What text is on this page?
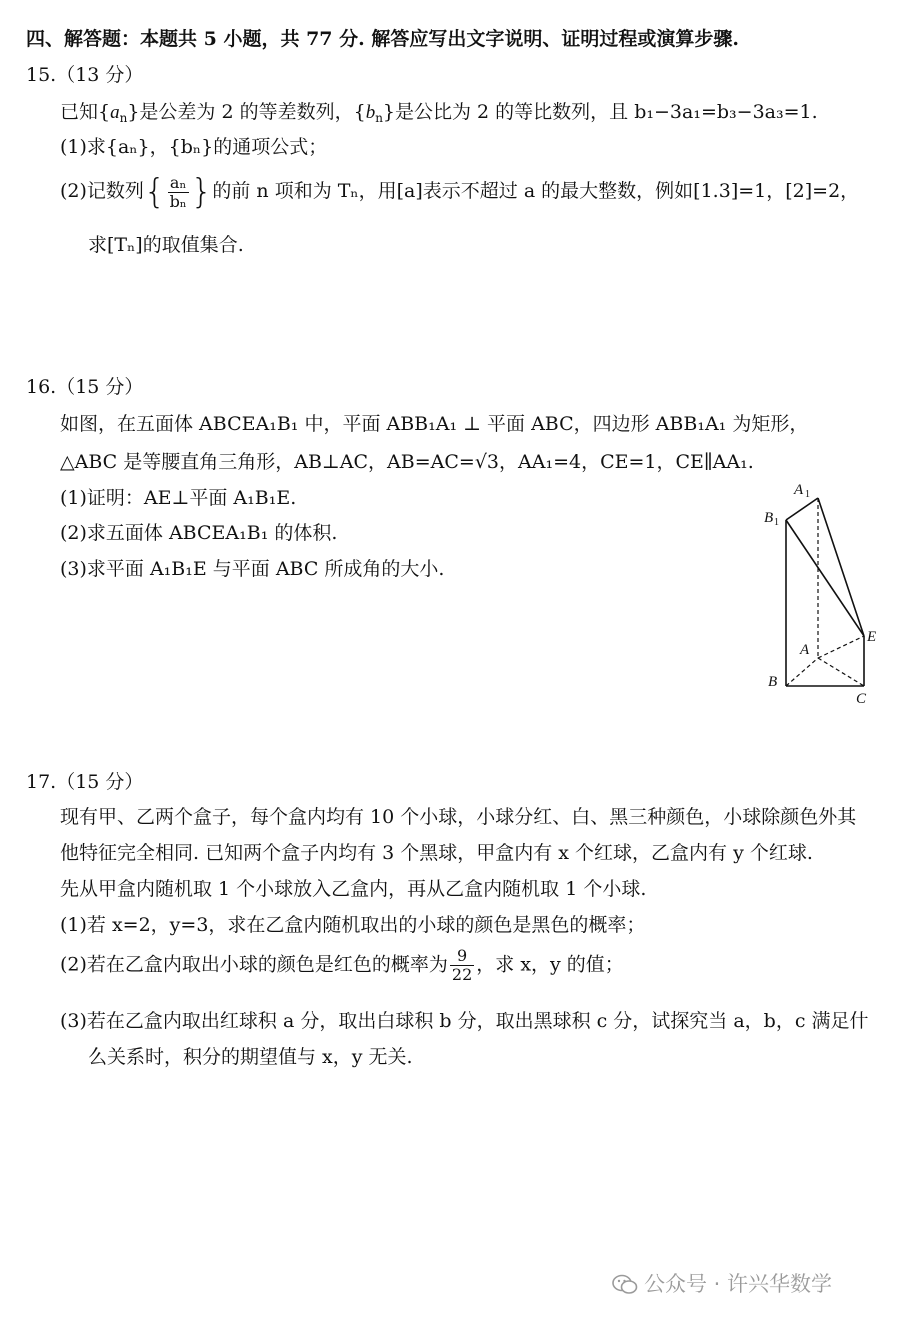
四、解答题：本题共 5 小题，共 77 分. 解答应写出文字说明、证明过程或演算步骤.
15.（13 分）
已知$\{a_n\}$是公差为 2 的等差数列，$\{b_n\}$是公比为 2 的等比数列，且 b₁−3a₁=b₃−3a₃=1.
(1)求{aₙ}，{bₙ}的通项公式；
(2)记数列{ $\frac{\text{aₙ}}{\text{bₙ}}$ }的前 n 项和为 Tₙ，用[a]表示不超过 a 的最大整数，例如[1.3]=1，[2]=2，
求[Tₙ]的取值集合.
16.（15 分）
如图，在五面体 ABCEA₁B₁ 中，平面 ABB₁A₁ ⊥ 平面 ABC，四边形 ABB₁A₁ 为矩形，
△ABC 是等腰直角三角形，AB⊥AC，AB=AC=√3，AA₁=4，CE=1，CE∥AA₁.
(1)证明：AE⊥平面 A₁B₁E.
(2)求五面体 ABCEA₁B₁ 的体积.
(3)求平面 A₁B₁E 与平面 ABC 所成角的大小.
A 1
B 1
E
A
B
C
17.（15 分）
现有甲、乙两个盒子，每个盒内均有 10 个小球，小球分红、白、黑三种颜色，小球除颜色外其
他特征完全相同. 已知两个盒子内均有 3 个黑球，甲盒内有 x 个红球，乙盒内有 y 个红球.
先从甲盒内随机取 1 个小球放入乙盒内，再从乙盒内随机取 1 个小球.
(1)若 x=2，y=3，求在乙盒内随机取出的小球的颜色是黑色的概率；
(2)若在乙盒内取出小球的颜色是红色的概率为 $\frac{9}{22}$ ，求 x，y 的值；
(3)若在乙盒内取出红球积 a 分，取出白球积 b 分，取出黑球积 c 分，试探究当 a，b，c 满足什
么关系时，积分的期望值与 x，y 无关.
公众号 · 许兴华数学
